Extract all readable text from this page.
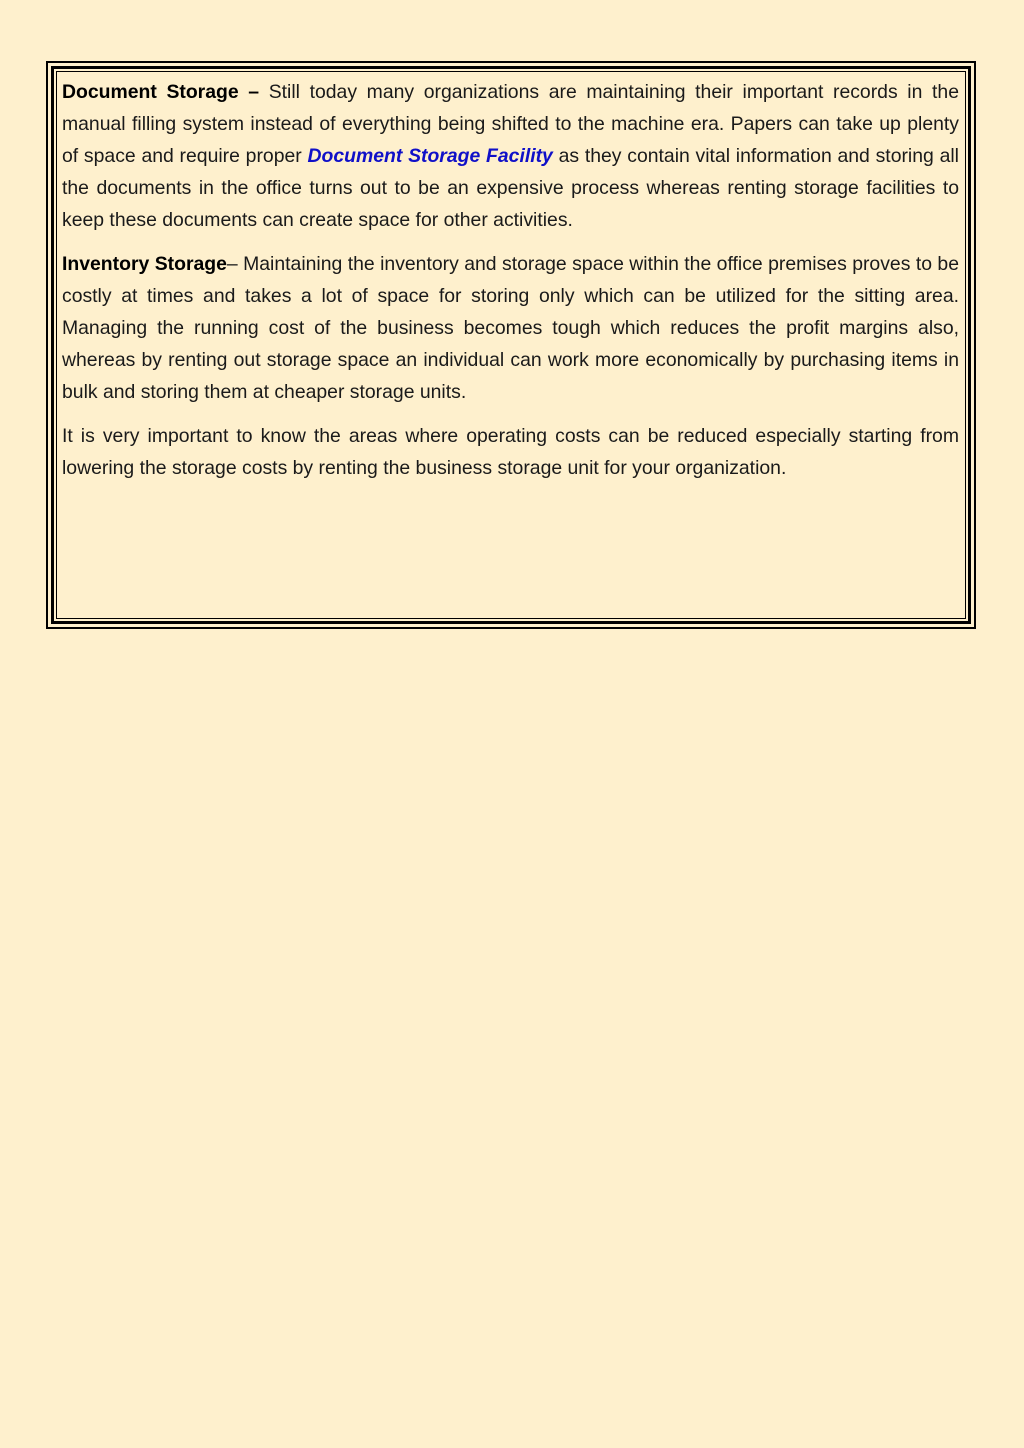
Document Storage – Still today many organizations are maintaining their important records in the manual filling system instead of everything being shifted to the machine era. Papers can take up plenty of space and require proper Document Storage Facility as they contain vital information and storing all the documents in the office turns out to be an expensive process whereas renting storage facilities to keep these documents can create space for other activities.

Inventory Storage– Maintaining the inventory and storage space within the office premises proves to be costly at times and takes a lot of space for storing only which can be utilized for the sitting area. Managing the running cost of the business becomes tough which reduces the profit margins also, whereas by renting out storage space an individual can work more economically by purchasing items in bulk and storing them at cheaper storage units.

It is very important to know the areas where operating costs can be reduced especially starting from lowering the storage costs by renting the business storage unit for your organization.
